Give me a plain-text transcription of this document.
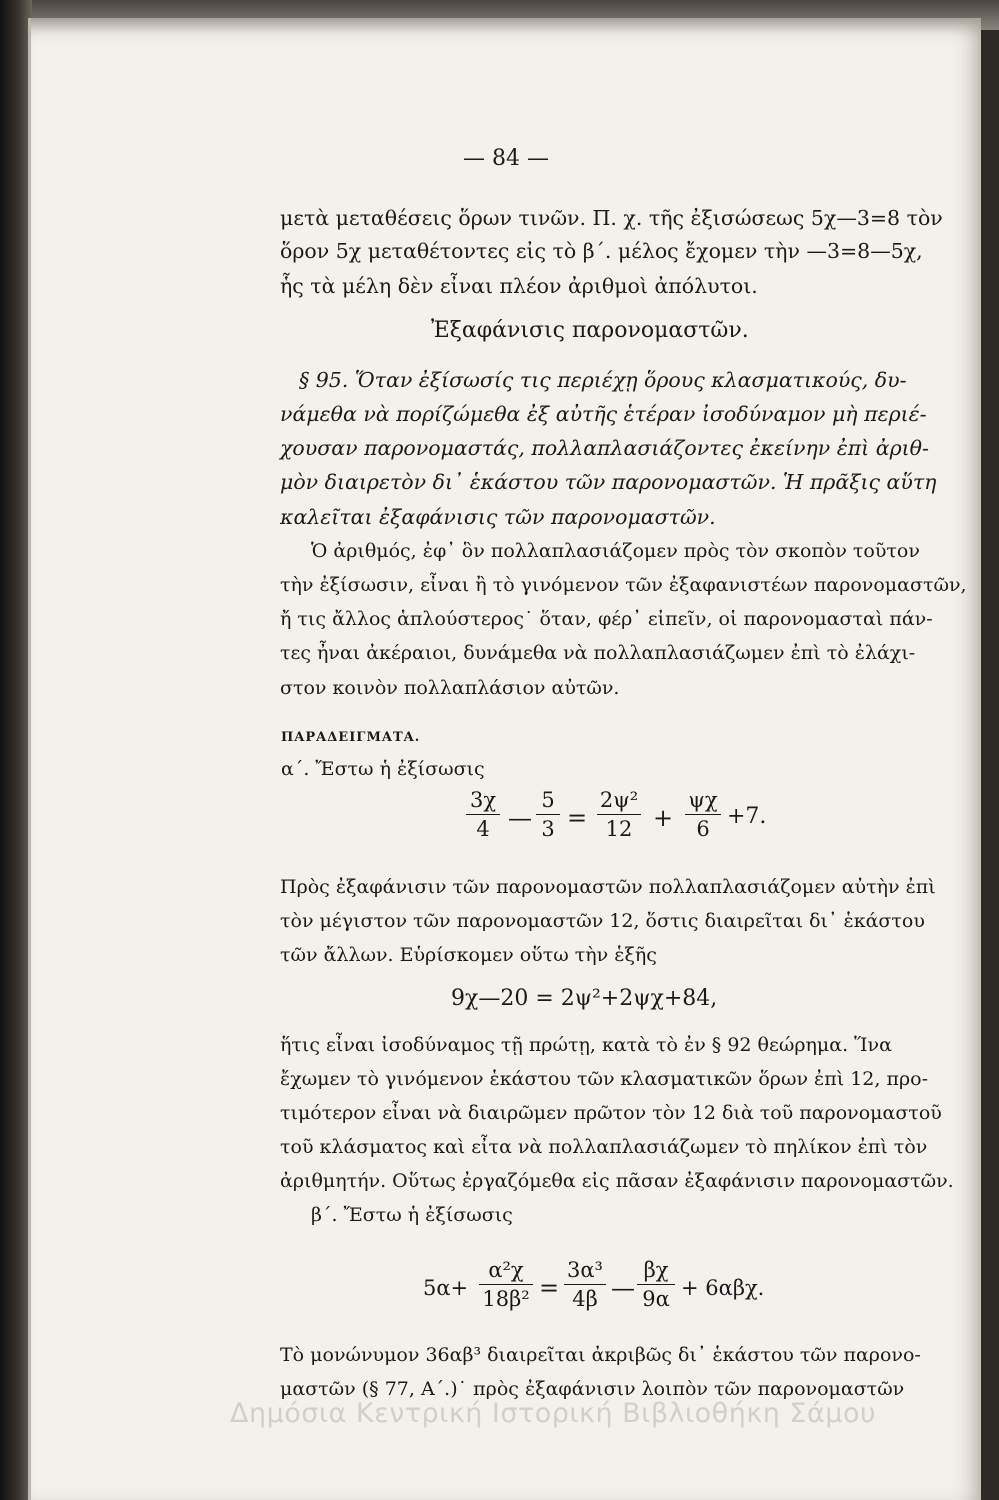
— 84 —
μετὰ μεταθέσεις ὅρων τινῶν. Π. χ. τῆς ἐξισώσεως 5χ—3=8 τὸν
ὅρον 5χ μεταθέτοντες εἰς τὸ β΄. μέλος ἔχομεν τὴν —3=8—5χ,
ἧς τὰ μέλη δὲν εἶναι πλέον ἀριθμοὶ ἀπόλυτοι.
Ἐξαφάνισις παρονομαστῶν.
§ 95. Ὅταν ἐξίσωσίς τις περιέχῃ ὅρους κλασματικούς, δυ-
νάμεθα νὰ πορίζώμεθα ἐξ αὐτῆς ἑτέραν ἰσοδύναμον μὴ περιέ-
χουσαν παρονομαστάς, πολλαπλασιάζοντες ἐκείνην ἐπὶ ἀριθ-
μὸν διαιρετὸν δι᾽ ἑκάστου τῶν παρονομαστῶν. Ἡ πρᾶξις αὕτη
καλεῖται ἐξαφάνισις τῶν παρονομαστῶν.
Ὁ ἀριθμός, ἐφ᾽ ὃν πολλαπλασιάζομεν πρὸς τὸν σκοπὸν τοῦτον
τὴν ἐξίσωσιν, εἶναι ἢ τὸ γινόμενον τῶν ἐξαφανιστέων παρονομαστῶν,
ἤ τις ἄλλος ἁπλούστερος˙ ὅταν, φέρ᾽ εἰπεῖν, οἱ παρονομασταὶ πάν-
τες ἦναι ἀκέραιοι, δυνάμεθα νὰ πολλαπλασιάζωμεν ἐπὶ τὸ ἐλάχι-
στον κοινὸν πολλαπλάσιον αὐτῶν.
ΠΑΡΑΔΕΙΓΜΑΤΑ.
α΄. Ἔστω ἡ ἐξίσωσις
$\frac{3\chi}{4}$ — $\frac{5}{3} = \frac{\text{2ψ²}}{12} + \frac{\psi\chi}{6} +7$.
Πρὸς ἐξαφάνισιν τῶν παρονομαστῶν πολλαπλασιάζομεν αὐτὴν ἐπὶ
τὸν μέγιστον τῶν παρονομαστῶν 12, ὅστις διαιρεῖται δι᾽ ἑκάστου
τῶν ἄλλων. Εὑρίσκομεν οὕτω τὴν ἑξῆς
9χ—20 = 2ψ²+2ψχ+84,
ἥτις εἶναι ἰσοδύναμος τῇ πρώτῃ, κατὰ τὸ ἐν § 92 θεώρημα. Ἵνα
ἔχωμεν τὸ γινόμενον ἑκάστου τῶν κλασματικῶν ὅρων ἐπὶ 12, προ-
τιμότερον εἶναι νὰ διαιρῶμεν πρῶτον τὸν 12 διὰ τοῦ παρονομαστοῦ
τοῦ κλάσματος καὶ εἶτα νὰ πολλαπλασιάζωμεν τὸ πηλίκον ἐπὶ τὸν
ἀριθμητήν. Οὕτως ἐργαζόμεθα εἰς πᾶσαν ἐξαφάνισιν παρονομαστῶν.
β΄. Ἔστω ἡ ἐξίσωσις
$5\alpha+ \frac{\text{α²χ}}{\text{18β²}} = \frac{\text{3α³}}{4\beta}$ — $\frac{\beta\chi}{9\alpha} + 6\alpha\beta\chi$.
Τὸ μονώνυμον 36αβ³ διαιρεῖται ἀκριβῶς δι᾽ ἑκάστου τῶν παρονο-
μαστῶν (§ 77, Α΄.)˙ πρὸς ἐξαφάνισιν λοιπὸν τῶν παρονομαστῶν
Δημόσια Κεντρική Ιστορική Βιβλιοθήκη Σάμου
